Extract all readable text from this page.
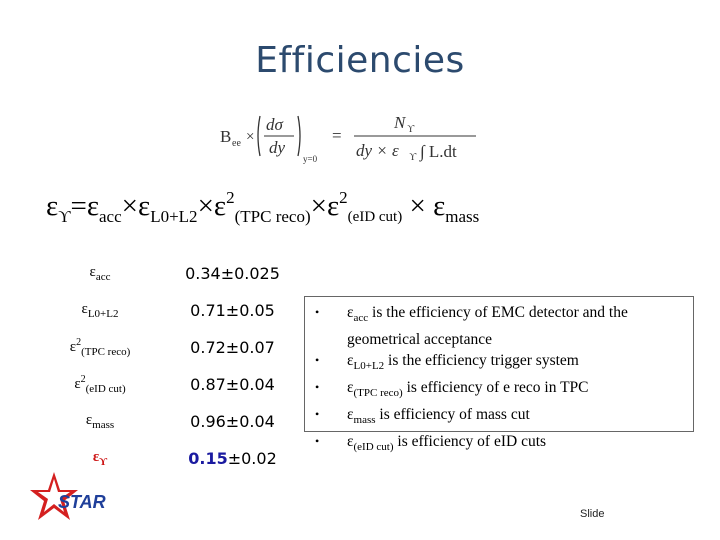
Efficiencies
B ee ×
dσ
dy
y=0
=
N ϒ
dy × ε ϒ ∫ L.dt
$\varepsilon_ϒ=\varepsilon_{acc}\times\varepsilon_{L0+L2}\times\varepsilon^2_{(TPC reco)}\times\varepsilon^2_{(eID cut)} \times \varepsilon_{mass}$
$\varepsilon_{acc}$	0.34±0.025
$\varepsilon_{L0+L2}$	0.71±0.05
$\varepsilon^2_{(TPC reco)}$	0.72±0.07
$\varepsilon^2_{(eID cut)}$	0.87±0.04
$\varepsilon_{mass}$	0.96±0.04
$\varepsilon_ϒ$	0.15±0.02
• $\varepsilon_{acc}$ is the efficiency of EMC detector and the geometrical acceptance
• $\varepsilon_{L0+L2}$ is the efficiency trigger system
• $\varepsilon_{(TPC reco)}$ is efficiency of e reco in TPC
• $\varepsilon_{mass}$ is efficiency of mass cut
• $\varepsilon_{(eID cut)}$ is efficiency of eID cuts
STAR
Slide
